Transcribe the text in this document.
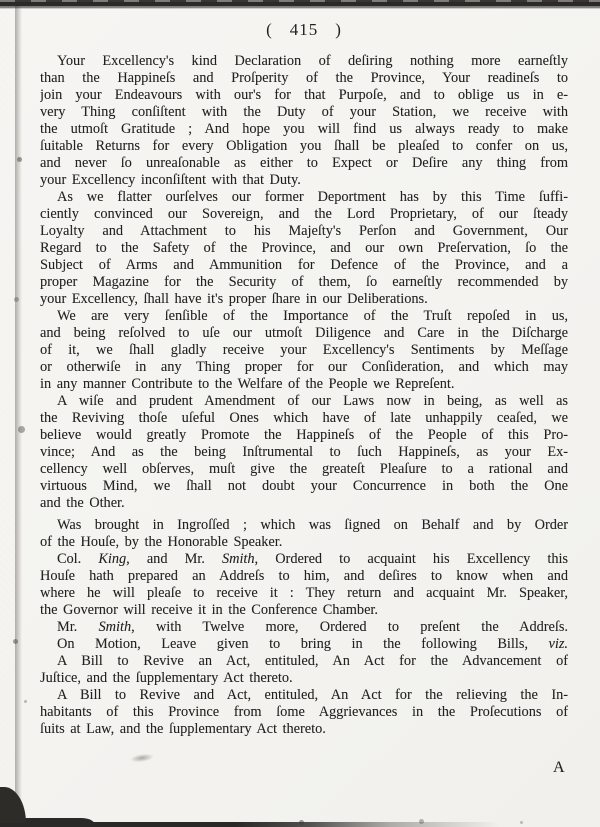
( 415 )
Your Excellency's kind Declaration of deſiring nothing more earneſtly
than the Happineſs and Proſperity of the Province, Your readineſs to
join your Endeavours with our's for that Purpoſe, and to oblige us in e-
very Thing conſiſtent with the Duty of your Station, we receive with
the utmoſt Gratitude ; And hope you will find us always ready to make
ſuitable Returns for every Obligation you ſhall be pleaſed to confer on us,
and never ſo unreaſonable as either to Expect or Deſire any thing from
your Excellency inconſiſtent with that Duty.
As we flatter ourſelves our former Deportment has by this Time ſuffi-
ciently convinced our Sovereign, and the Lord Proprietary, of our ſteady
Loyalty and Attachment to his Majeſty's Perſon and Government, Our
Regard to the Safety of the Province, and our own Preſervation, ſo the
Subject of Arms and Ammunition for Defence of the Province, and a
proper Magazine for the Security of them, ſo earneſtly recommended by
your Excellency, ſhall have it's proper ſhare in our Deliberations.
We are very ſenſible of the Importance of the Truſt repoſed in us,
and being reſolved to uſe our utmoſt Diligence and Care in the Diſcharge
of it, we ſhall gladly receive your Excellency's Sentiments by Meſſage
or otherwiſe in any Thing proper for our Conſideration, and which may
in any manner Contribute to the Welfare of the People we Repreſent.
A wiſe and prudent Amendment of our Laws now in being, as well as
the Reviving thoſe uſeful Ones which have of late unhappily ceaſed, we
believe would greatly Promote the Happineſs of the People of this Pro-
vince; And as the being Inſtrumental to ſuch Happineſs, as your Ex-
cellency well obſerves, muſt give the greateſt Pleaſure to a rational and
virtuous Mind, we ſhall not doubt your Concurrence in both the One
and the Other.
Was brought in Ingroſſed ; which was ſigned on Behalf and by Order
of the Houſe, by the Honorable Speaker.
Col. King, and Mr. Smith, Ordered to acquaint his Excellency this
Houſe hath prepared an Addreſs to him, and deſires to know when and
where he will pleaſe to receive it : They return and acquaint Mr. Speaker,
the Governor will receive it in the Conference Chamber.
Mr. Smith, with Twelve more, Ordered to preſent the Addreſs.
On Motion, Leave given to bring in the following Bills, viz.
A Bill to Revive an Act, entituled, An Act for the Advancement of
Juſtice, and the ſupplementary Act thereto.
A Bill to Revive and Act, entituled, An Act for the relieving the In-
habitants of this Province from ſome Aggrievances in the Proſecutions of
ſuits at Law, and the ſupplementary Act thereto.
A
